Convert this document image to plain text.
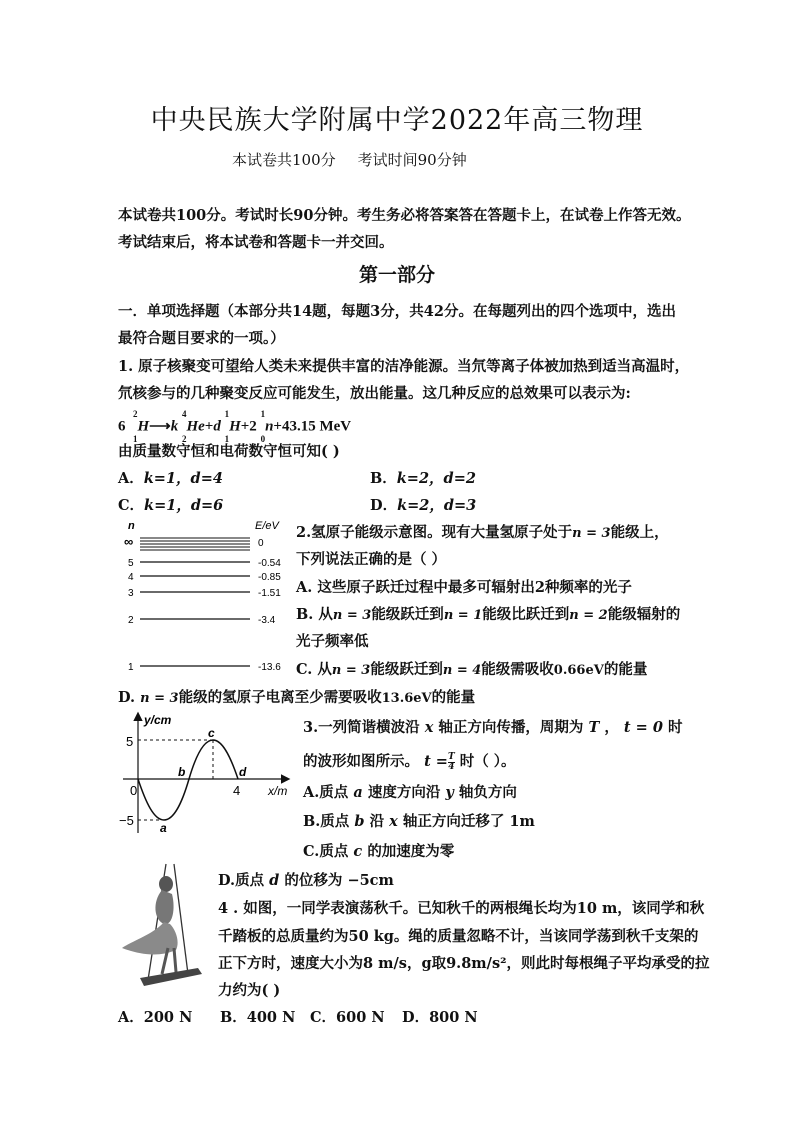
中央民族大学附属中学2022年高三物理
本试卷共100分 考试时间90分钟
本试卷共100分。考试时长90分钟。考生务必将答案答在答题卡上，在试卷上作答无效。
考试结束后，将本试卷和答题卡一并交回。
第一部分
一．单项选择题（本部分共14题，每题3分，共42分。在每题列出的四个选项中，选出
最符合题目要求的一项。）
1. 原子核聚变可望给人类未来提供丰富的洁净能源。当氘等离子体被加热到适当高温时，
氘核参与的几种聚变反应可能发生，放出能量。这几种反应的总效果可以表示为:
6  $^2$
$_1$H⟶k $^4$
$_2$He+d $^1$
$_1$H+2 $^1$
$_0$n+43.15 MeV
由质量数守恒和电荷数守恒可知( )
A．k=1，d=4	B．k=2，d=2
C．k=1，d=6	D．k=2，d=3
n	E/eV
∞	0
5	-0.54
4	-0.85
3	-1.51
2	-3.4
1	-13.6
2.氢原子能级示意图。现有大量氢原子处于n = 3能级上，
下列说法正确的是（ ）
A. 这些原子跃迁过程中最多可辐射出2种频率的光子
B. 从n = 3能级跃迁到n = 1能级比跃迁到n = 2能级辐射的
光子频率低
C. 从n = 3能级跃迁到n = 4能级需吸收0.66eV的能量
D. n = 3能级的氢原子电离至少需要吸收13.6eV的能量
y/cm
x/m
5
−5
0	4
a
b
c
d
3.一列简谐横波沿 x 轴正方向传播，周期为 T ， t = 0 时
的波形如图所示。 $t = \frac{T}{4}$ 时（ ）。
A.质点 a 速度方向沿 y 轴负方向
B.质点 b 沿 x 轴正方向迁移了 1m
C.质点 c 的加速度为零
D.质点 d 的位移为 −5cm
4 . 如图，一同学表演荡秋千。已知秋千的两根绳长均为10 m，该同学和秋
千踏板的总质量约为50 kg。绳的质量忽略不计，当该同学荡到秋千支架的
正下方时，速度大小为8 m/s，g取9.8m/s²，则此时每根绳子平均承受的拉
力约为( )
A．200 N B．400 N C．600 N D．800 N
